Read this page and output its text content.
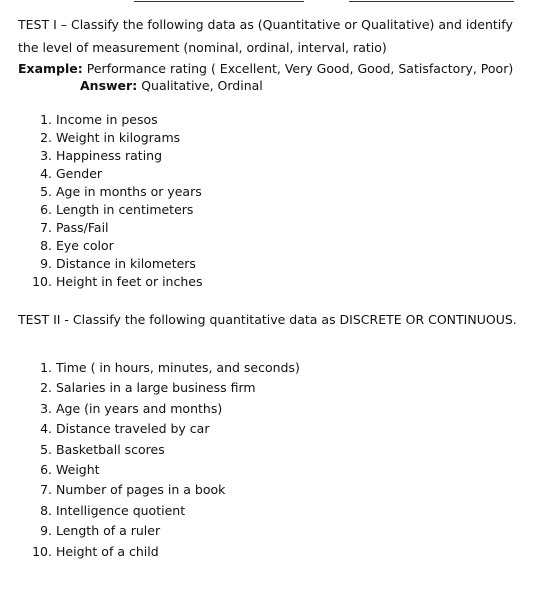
TEST I – Classify the following data as (Quantitative or Qualitative) and identify the level of measurement (nominal, ordinal, interval, ratio)

Example: Performance rating ( Excellent, Very Good, Good, Satisfactory, Poor)
Answer: Qualitative, Ordinal
1. Income in pesos
2. Weight in kilograms
3. Happiness rating
4. Gender
5. Age in months or years
6. Length in centimeters
7. Pass/Fail
8. Eye color
9. Distance in kilometers
10. Height in feet or inches

TEST II - Classify the following quantitative data as DISCRETE OR CONTINUOUS.

1. Time ( in hours, minutes, and seconds)
2. Salaries in a large business firm
3. Age (in years and months)
4. Distance traveled by car
5. Basketball scores
6. Weight
7. Number of pages in a book
8. Intelligence quotient
9. Length of a ruler
10. Height of a child
